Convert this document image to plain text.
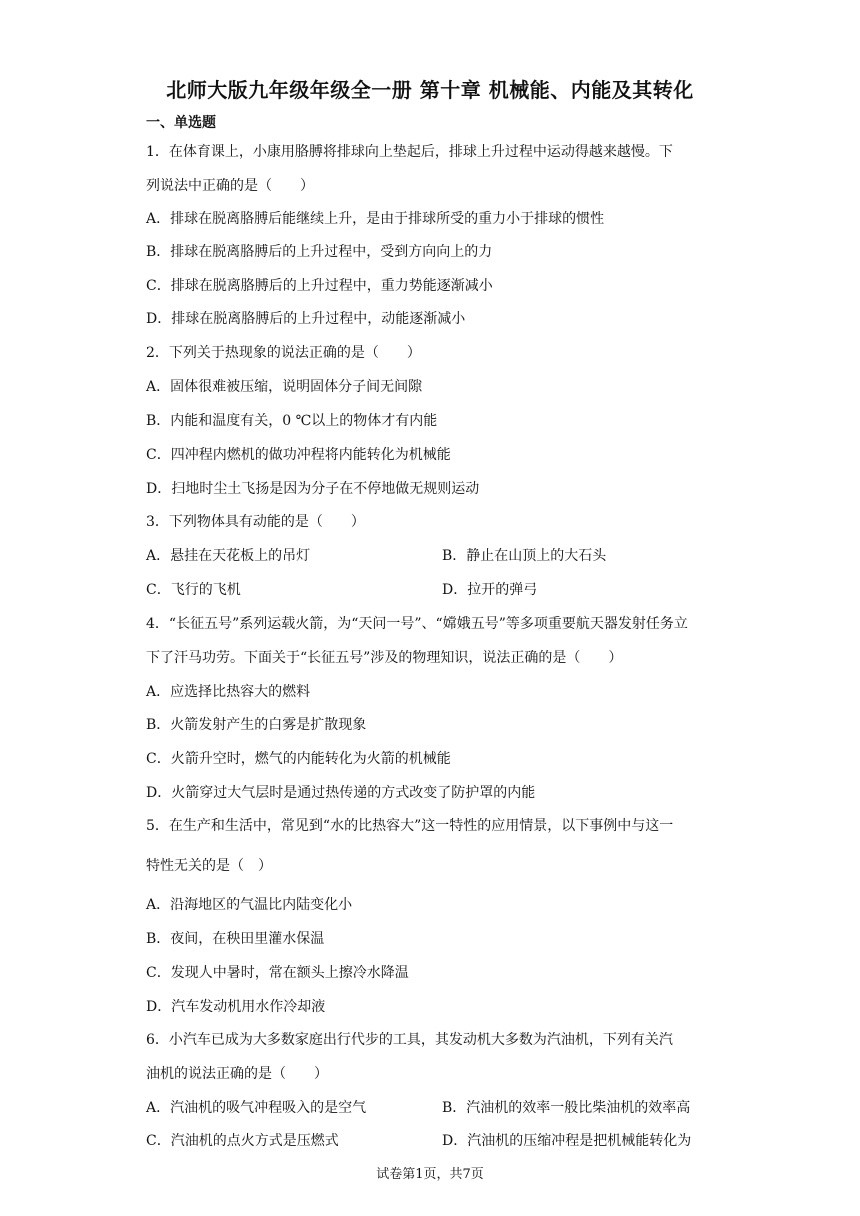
北师大版九年级年级全一册 第十章 机械能、内能及其转化
一、单选题
1．在体育课上，小康用胳膊将排球向上垫起后，排球上升过程中运动得越来越慢。下
列说法中正确的是（　　）
A．排球在脱离胳膊后能继续上升，是由于排球所受的重力小于排球的惯性
B．排球在脱离胳膊后的上升过程中，受到方向向上的力
C．排球在脱离胳膊后的上升过程中，重力势能逐渐减小
D．排球在脱离胳膊后的上升过程中，动能逐渐减小
2．下列关于热现象的说法正确的是（　　）
A．固体很难被压缩，说明固体分子间无间隙
B．内能和温度有关，0 ℃以上的物体才有内能
C．四冲程内燃机的做功冲程将内能转化为机械能
D．扫地时尘土飞扬是因为分子在不停地做无规则运动
3．下列物体具有动能的是（　　）
A．悬挂在天花板上的吊灯	B．静止在山顶上的大石头
C．飞行的飞机	D．拉开的弹弓
4．“长征五号”系列运载火箭，为“天问一号”、“嫦娥五号”等多项重要航天器发射任务立
下了汗马功劳。下面关于“长征五号”涉及的物理知识，说法正确的是（　　）
A．应选择比热容大的燃料
B．火箭发射产生的白雾是扩散现象
C．火箭升空时，燃气的内能转化为火箭的机械能
D．火箭穿过大气层时是通过热传递的方式改变了防护罩的内能
5．在生产和生活中，常见到“水的比热容大”这一特性的应用情景，以下事例中与这一
特性无关的是（　）
A．沿海地区的气温比内陆变化小
B．夜间，在秧田里灌水保温
C．发现人中暑时，常在额头上擦冷水降温
D．汽车发动机用水作冷却液
6．小汽车已成为大多数家庭出行代步的工具，其发动机大多数为汽油机，下列有关汽
油机的说法正确的是（　　）
A．汽油机的吸气冲程吸入的是空气	B．汽油机的效率一般比柴油机的效率高
C．汽油机的点火方式是压燃式	D．汽油机的压缩冲程是把机械能转化为
试卷第1页，共7页
